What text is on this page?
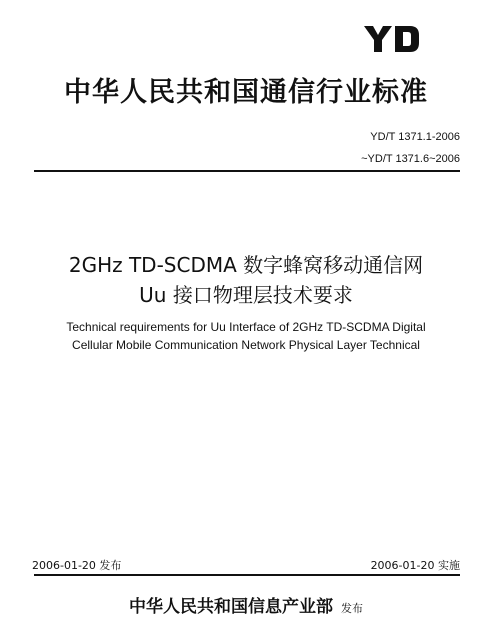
中华人民共和国通信行业标准
YD/T 1371.1-2006
~YD/T 1371.6~2006
2GHz TD-SCDMA 数字蜂窝移动通信网
Uu 接口物理层技术要求
Technical requirements for Uu Interface of 2GHz TD-SCDMA Digital
Cellular Mobile Communication Network Physical Layer Technical
2006-01-20 发布	2006-01-20 实施
中华人民共和国信息产业部 发布
